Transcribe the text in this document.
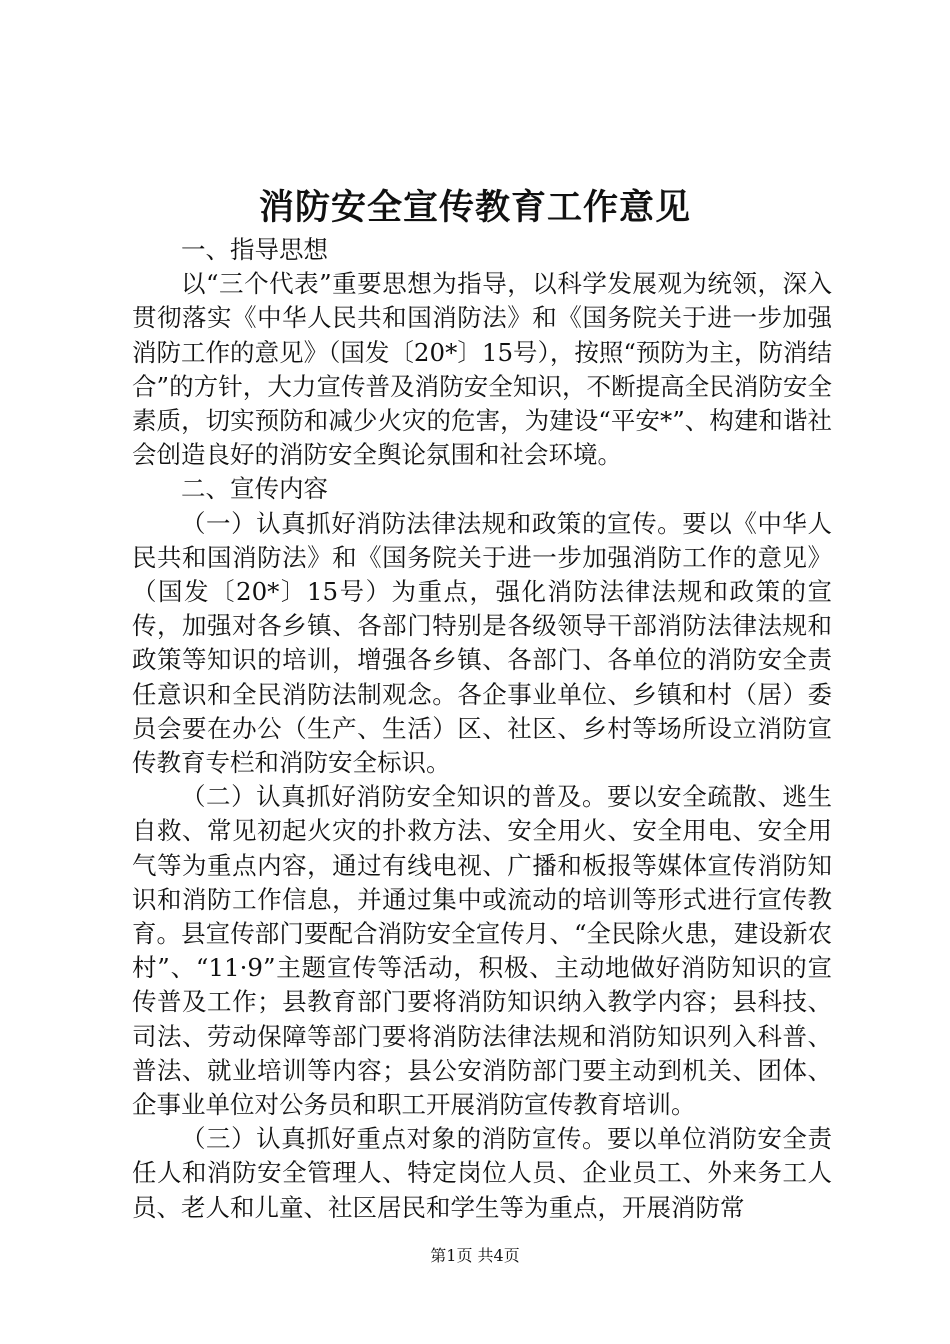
消防安全宣传教育工作意见

一、指导思想

以“三个代表”重要思想为指导，以科学发展观为统领，深入贯彻落实《中华人民共和国消防法》和《国务院关于进一步加强消防工作的意见》（国发〔20*〕15号），按照“预防为主，防消结合”的方针，大力宣传普及消防安全知识，不断提高全民消防安全素质，切实预防和减少火灾的危害，为建设“平安*”、构建和谐社会创造良好的消防安全舆论氛围和社会环境。

二、宣传内容

（一）认真抓好消防法律法规和政策的宣传。要以《中华人民共和国消防法》和《国务院关于进一步加强消防工作的意见》（国发〔20*〕15号）为重点，强化消防法律法规和政策的宣传，加强对各乡镇、各部门特别是各级领导干部消防法律法规和政策等知识的培训，增强各乡镇、各部门、各单位的消防安全责任意识和全民消防法制观念。各企事业单位、乡镇和村（居）委员会要在办公（生产、生活）区、社区、乡村等场所设立消防宣传教育专栏和消防安全标识。

（二）认真抓好消防安全知识的普及。要以安全疏散、逃生自救、常见初起火灾的扑救方法、安全用火、安全用电、安全用气等为重点内容，通过有线电视、广播和板报等媒体宣传消防知识和消防工作信息，并通过集中或流动的培训等形式进行宣传教育。县宣传部门要配合消防安全宣传月、“全民除火患，建设新农村”、“11·9”主题宣传等活动，积极、主动地做好消防知识的宣传普及工作；县教育部门要将消防知识纳入教学内容；县科技、司法、劳动保障等部门要将消防法律法规和消防知识列入科普、普法、就业培训等内容；县公安消防部门要主动到机关、团体、企事业单位对公务员和职工开展消防宣传教育培训。

（三）认真抓好重点对象的消防宣传。要以单位消防安全责任人和消防安全管理人、特定岗位人员、企业员工、外来务工人员、老人和儿童、社区居民和学生等为重点，开展消防常

第1页 共4页
